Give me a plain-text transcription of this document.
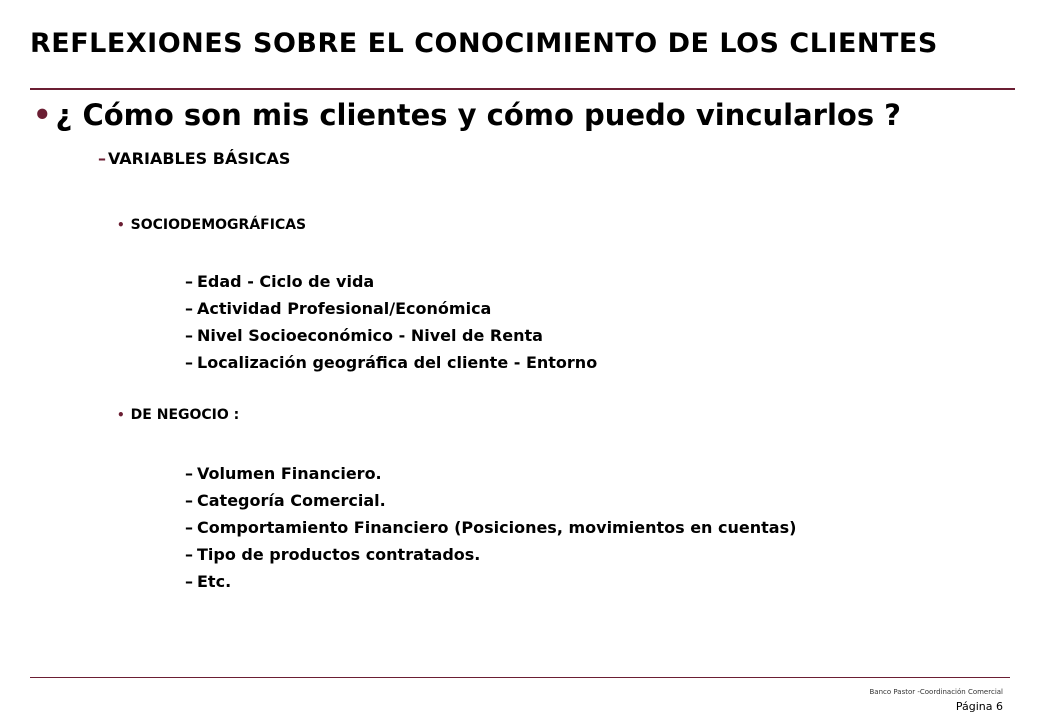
REFLEXIONES SOBRE EL CONOCIMIENTO DE LOS CLIENTES
• ¿ Cómo son mis clientes y cómo puedo vincularlos ?
– VARIABLES BÁSICAS
• SOCIODEMOGRÁFICAS
– Edad - Ciclo de vida
– Actividad Profesional/Económica
– Nivel Socioeconómico - Nivel de Renta
– Localización geográfica del cliente - Entorno
• DE NEGOCIO :
– Volumen Financiero.
– Categoría Comercial.
– Comportamiento Financiero (Posiciones, movimientos en cuentas)
– Tipo de productos contratados.
– Etc.
Banco Pastor -Coordinación Comercial
Página 6
